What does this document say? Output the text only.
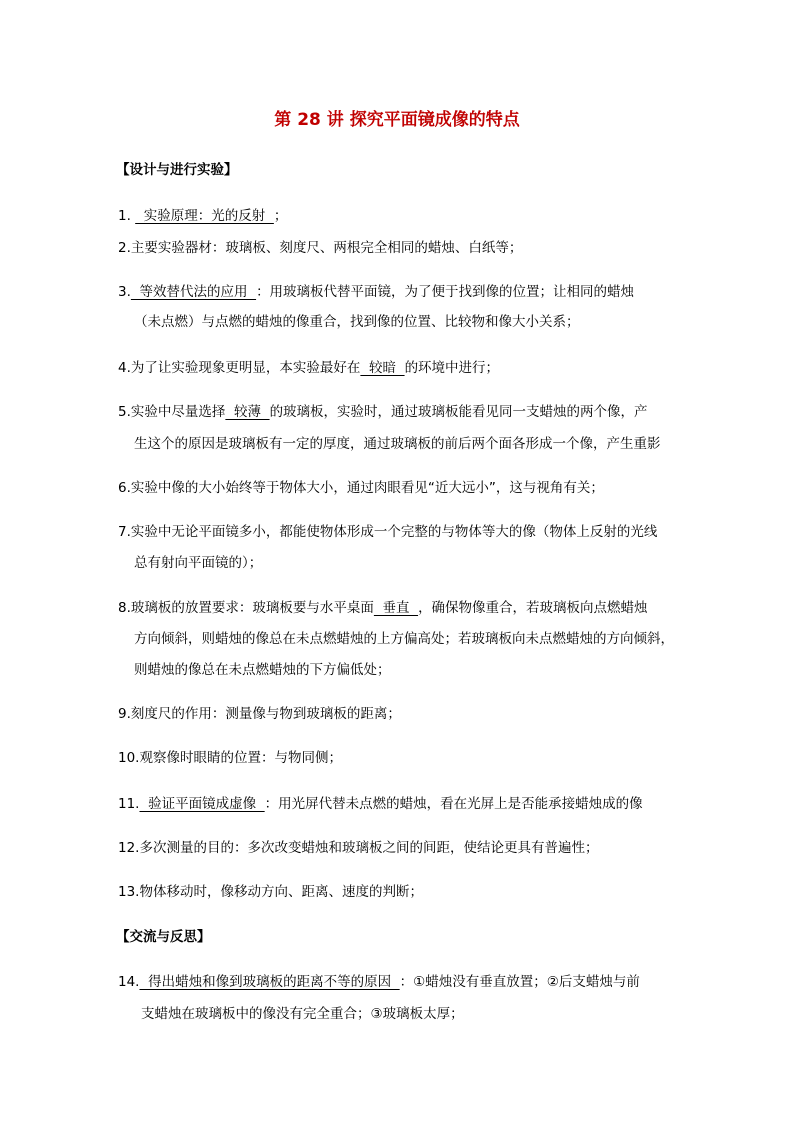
第 28 讲 探究平面镜成像的特点
【设计与进行实验】
1.   实验原理：光的反射  ；
2.主要实验器材：玻璃板、刻度尺、两根完全相同的蜡烛、白纸等；
3.  等效替代法的应用  ：用玻璃板代替平面镜，为了便于找到像的位置；让相同的蜡烛
（未点燃）与点燃的蜡烛的像重合，找到像的位置、比较物和像大小关系；
4.为了让实验现象更明显，本实验最好在  较暗  的环境中进行；
5.实验中尽量选择  较薄  的玻璃板，实验时，通过玻璃板能看见同一支蜡烛的两个像，产
生这个的原因是玻璃板有一定的厚度，通过玻璃板的前后两个面各形成一个像，产生重影
6.实验中像的大小始终等于物体大小，通过肉眼看见“近大远小”，这与视角有关；
7.实验中无论平面镜多小，都能使物体形成一个完整的与物体等大的像（物体上反射的光线
总有射向平面镜的）；
8.玻璃板的放置要求：玻璃板要与水平桌面  垂直  ，确保物像重合，若玻璃板向点燃蜡烛
方向倾斜，则蜡烛的像总在未点燃蜡烛的上方偏高处；若玻璃板向未点燃蜡烛的方向倾斜，
则蜡烛的像总在未点燃蜡烛的下方偏低处；
9.刻度尺的作用：测量像与物到玻璃板的距离；
10.观察像时眼睛的位置：与物同侧；
11.  验证平面镜成虚像  ：用光屏代替未点燃的蜡烛，看在光屏上是否能承接蜡烛成的像
12.多次测量的目的：多次改变蜡烛和玻璃板之间的间距，使结论更具有普遍性；
13.物体移动时，像移动方向、距离、速度的判断；
【交流与反思】
14.  得出蜡烛和像到玻璃板的距离不等的原因  ：①蜡烛没有垂直放置；②后支蜡烛与前
支蜡烛在玻璃板中的像没有完全重合；③玻璃板太厚；
